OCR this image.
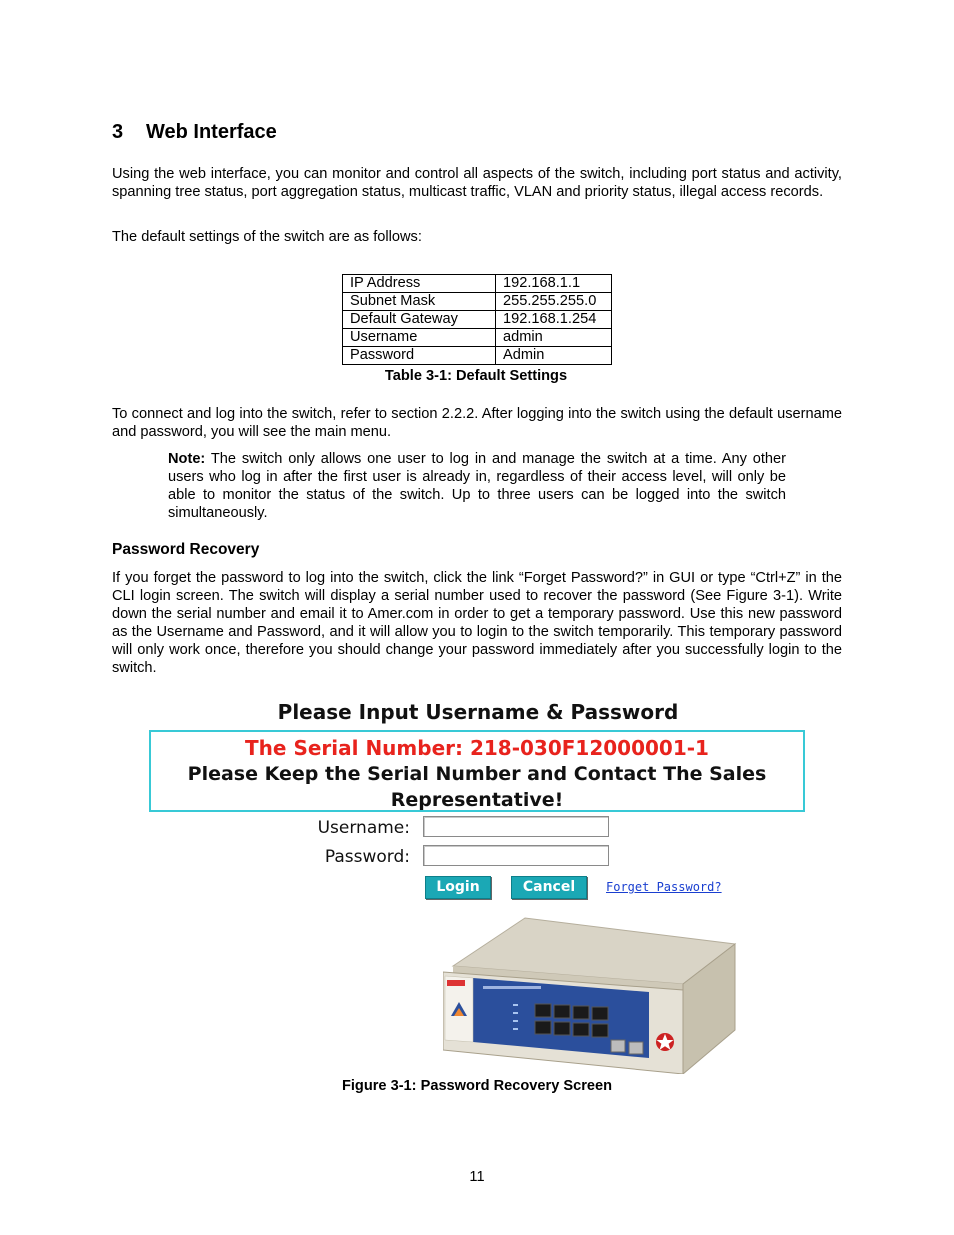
3 Web Interface

Using the web interface, you can monitor and control all aspects of the switch, including port status and activity, spanning tree status, port aggregation status, multicast traffic, VLAN and priority status, illegal access records.

The default settings of the switch are as follows:

IP Address	192.168.1.1
Subnet Mask	255.255.255.0
Default Gateway	192.168.1.254
Username	admin
Password	Admin
Table 3-1: Default Settings

To connect and log into the switch, refer to section 2.2.2. After logging into the switch using the default username and password, you will see the main menu.

Note: The switch only allows one user to log in and manage the switch at a time. Any other users who log in after the first user is already in, regardless of their access level, will only be able to monitor the status of the switch. Up to three users can be logged into the switch simultaneously.

Password Recovery

If you forget the password to log into the switch, click the link “Forget Password?” in GUI or type “Ctrl+Z” in the CLI login screen. The switch will display a serial number used to recover the password (See Figure 3-1). Write down the serial number and email it to Amer.com in order to get a temporary password. Use this new password as the Username and Password, and it will allow you to login to the switch temporarily. This temporary password will only work once, therefore you should change your password immediately after you successfully login to the switch.

Please Input Username & Password
The Serial Number: 218-030F12000001-1
Please Keep the Serial Number and Contact The Sales
Representative!
Username:
Password:
Login	Cancel	Forget Password?
Figure 3-1: Password Recovery Screen
11
